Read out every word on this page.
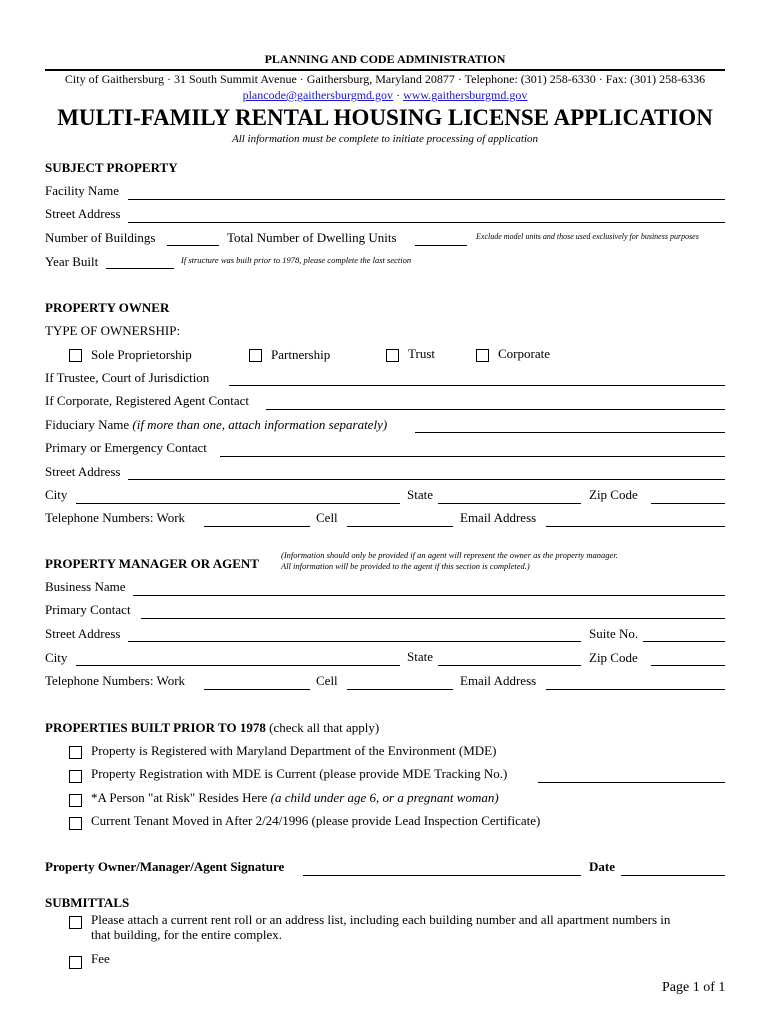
PLANNING AND CODE ADMINISTRATION
City of Gaithersburg · 31 South Summit Avenue · Gaithersburg, Maryland 20877 · Telephone: (301) 258-6330 · Fax: (301) 258-6336
plancode@gaithersburgmd.gov · www.gaithersburgmd.gov
MULTI-FAMILY RENTAL HOUSING LICENSE APPLICATION
All information must be complete to initiate processing of application
SUBJECT PROPERTY
Facility Name
Street Address
Number of Buildings	Total Number of Dwelling Units	Exclude model units and those used exclusively for business purposes
Year Built	If structure was built prior to 1978, please complete the last section
PROPERTY OWNER
TYPE OF OWNERSHIP:
Sole Proprietorship	Partnership	Trust	Corporate
If Trustee, Court of Jurisdiction
If Corporate, Registered Agent Contact
Fiduciary Name (if more than one, attach information separately)
Primary or Emergency Contact
Street Address
City	State	Zip Code
Telephone Numbers: Work	Cell	Email Address
PROPERTY MANAGER OR AGENT
(Information should only be provided if an agent will represent the owner as the property manager.
All information will be provided to the agent if this section is completed.)
Business Name
Primary Contact
Street Address	Suite No.
City	State	Zip Code
Telephone Numbers: Work	Cell	Email Address
PROPERTIES BUILT PRIOR TO 1978 (check all that apply)
Property is Registered with Maryland Department of the Environment (MDE)
Property Registration with MDE is Current (please provide MDE Tracking No.)
*A Person "at Risk" Resides Here (a child under age 6, or a pregnant woman)
Current Tenant Moved in After 2/24/1996 (please provide Lead Inspection Certificate)
Property Owner/Manager/Agent Signature	Date
SUBMITTALS
Please attach a current rent roll or an address list, including each building number and all apartment numbers in
that building, for the entire complex.
Fee
Page 1 of 1
